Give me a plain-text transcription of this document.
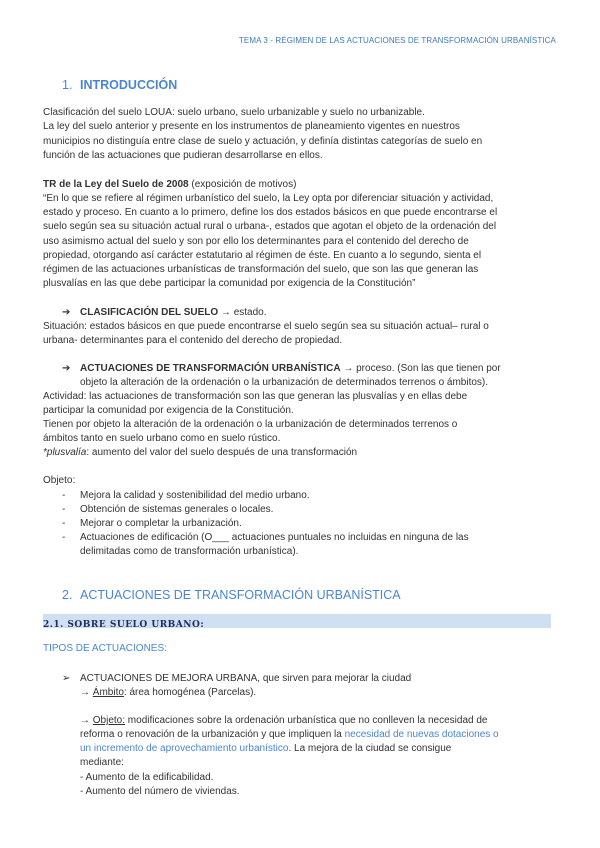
TEMA 3 - RÉGIMEN DE LAS ACTUACIONES DE TRANSFORMACIÓN URBANÍSTICA
1. INTRODUCCIÓN
Clasificación del suelo LOUA: suelo urbano, suelo urbanizable y suelo no urbanizable.
La ley del suelo anterior y presente en los instrumentos de planeamiento vigentes en nuestros
municipios no distinguía entre clase de suelo y actuación, y definía distintas categorías de suelo en
función de las actuaciones que pudieran desarrollarse en ellos.
TR de la Ley del Suelo de 2008 (exposición de motivos)
“En lo que se refiere al régimen urbanístico del suelo, la Ley opta por diferenciar situación y actividad,
estado y proceso. En cuanto a lo primero, define los dos estados básicos en que puede encontrarse el
suelo según sea su situación actual rural o urbana-, estados que agotan el objeto de la ordenación del
uso asimismo actual del suelo y son por ello los determinantes para el contenido del derecho de
propiedad, otorgando así carácter estatutario al régimen de éste. En cuanto a lo segundo, sienta el
régimen de las actuaciones urbanísticas de transformación del suelo, que son las que generan las
plusvalías en las que debe participar la comunidad por exigencia de la Constitución”
➔ CLASIFICACIÓN DEL SUELO → estado.
Situación: estados básicos en que puede encontrarse el suelo según sea su situación actual– rural o
urbana- determinantes para el contenido del derecho de propiedad.
➔ ACTUACIONES DE TRANSFORMACIÓN URBANÍSTICA → proceso. (Son las que tienen por
objeto la alteración de la ordenación o la urbanización de determinados terrenos o ámbitos).
Actividad: las actuaciones de transformación son las que generan las plusvalías y en ellas debe
participar la comunidad por exigencia de la Constitución.
Tienen por objeto la alteración de la ordenación o la urbanización de determinados terrenos o
ámbitos tanto en suelo urbano como en suelo rústico.
*plusvalía: aumento del valor del suelo después de una transformación
Objeto:
- Mejora la calidad y sostenibilidad del medio urbano.
- Obtención de sistemas generales o locales.
- Mejorar o completar la urbanización.
- Actuaciones de edificación (O___ actuaciones puntuales no incluidas en ninguna de las
delimitadas como de transformación urbanística).
2. ACTUACIONES DE TRANSFORMACIÓN URBANÍSTICA
2.1. SOBRE SUELO URBANO:
TIPOS DE ACTUACIONES:
➢ ACTUACIONES DE MEJORA URBANA, que sirven para mejorar la ciudad
→ Ámbito: área homogénea (Parcelas).
→ Objeto: modificaciones sobre la ordenación urbanística que no conlleven la necesidad de
reforma o renovación de la urbanización y que impliquen la necesidad de nuevas dotaciones o
un incremento de aprovechamiento urbanístico. La mejora de la ciudad se consigue
mediante:
- Aumento de la edificabilidad.
- Aumento del número de viviendas.
